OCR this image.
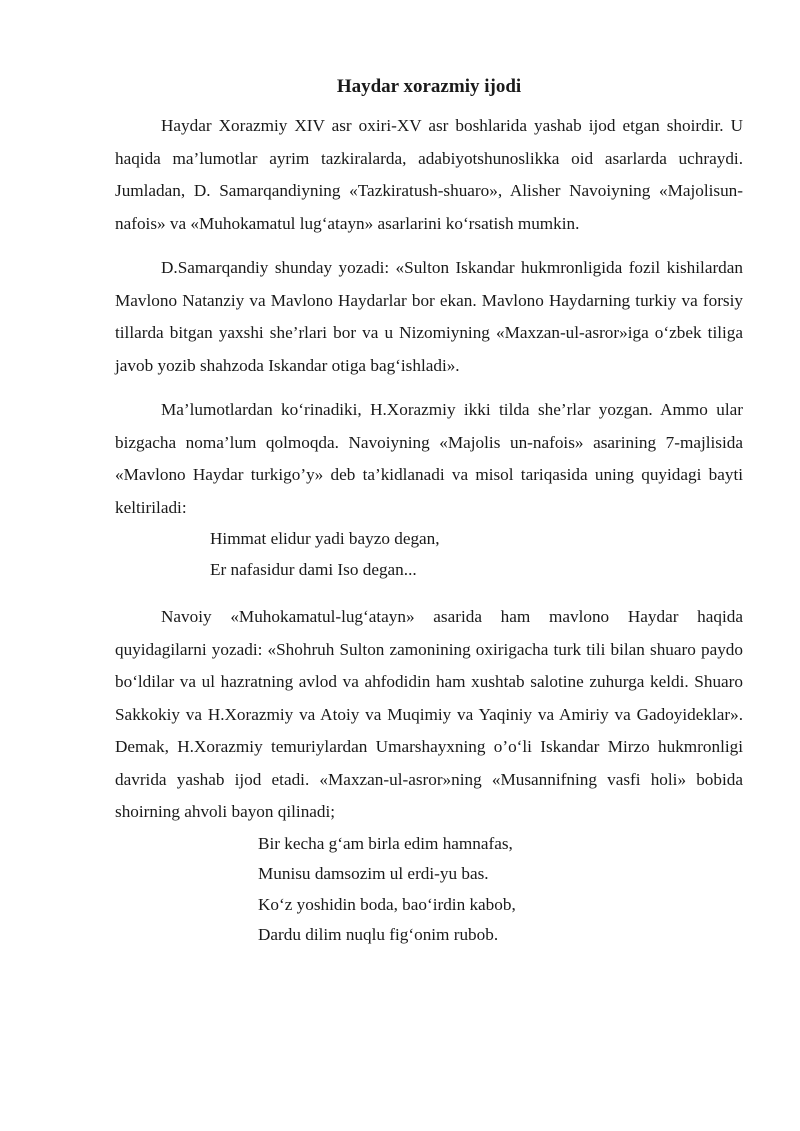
Haydar xorazmiy ijodi

Haydar Xorazmiy XIV asr oxiri-XV asr boshlarida yashab ijod etgan shoirdir. U haqida ma’lumotlar ayrim tazkiralarda, adabiyotshunoslikka oid asarlarda uchraydi. Jumladan, D. Samarqandiyning «Tazkiratush-shuaro», Alisher Navoiyning «Majolisun-nafois» va «Muhokamatul lug‘atayn» asarlarini ko‘rsatish mumkin.

D.Samarqandiy shunday yozadi: «Sulton Iskandar hukmronligida fozil kishilardan Mavlono Natanziy va Mavlono Haydarlar bor ekan. Mavlono Haydarning turkiy va forsiy tillarda bitgan yaxshi she’rlari bor va u Nizomiyning «Maxzan-ul-asror»iga o‘zbek tiliga javob yozib shahzoda Iskandar otiga bag‘ishladi».

Ma’lumotlardan ko‘rinadiki, H.Xorazmiy ikki tilda she’rlar yozgan. Ammo ular bizgacha noma’lum qolmoqda. Navoiyning «Majolis un-nafois» asarining 7-majlisida «Mavlono Haydar turkigo’y» deb ta’kidlanadi va misol tariqasida uning quyidagi bayti keltiriladi:

Himmat elidur yadi bayzo degan,
Er nafasidur dami Iso degan...

Navoiy «Muhokamatul-lug‘atayn» asarida ham mavlono Haydar haqida quyidagilarni yozadi: «Shohruh Sulton zamonining oxirigacha turk tili bilan shuaro paydo bo‘ldilar va ul hazratning avlod va ahfodidin ham xushtab salotine zuhurga keldi. Shuaro Sakkokiy va H.Xorazmiy va Atoiy va Muqimiy va Yaqiniy va Amiriy va Gadoyideklar». Demak, H.Xorazmiy temuriylardan Umarshayxning o’o‘li Iskandar Mirzo hukmronligi davrida yashab ijod etadi. «Maxzan-ul-asror»ning «Musannifning vasfi holi» bobida shoirning ahvoli bayon qilinadi;

Bir kecha g‘am birla edim hamnafas,
Munisu damsozim ul erdi-yu bas.
Ko‘z yoshidin boda, bao‘irdin kabob,
Dardu dilim nuqlu fig‘onim rubob.
